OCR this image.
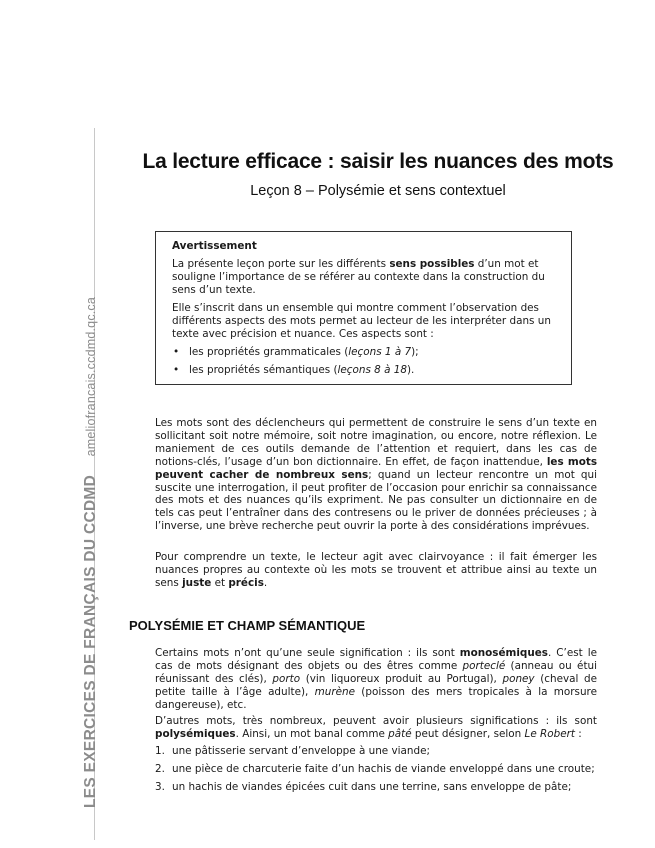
LES EXERCICES DE FRANÇAIS DU CCDMD ameliofrancais.ccdmd.qc.ca
La lecture efficace : saisir les nuances des mots
Leçon 8 – Polysémie et sens contextuel
Avertissement

La présente leçon porte sur les différents sens possibles d’un mot et souligne l’importance de se référer au contexte dans la construction du sens d’un texte.

Elle s’inscrit dans un ensemble qui montre comment l’observation des différents aspects des mots permet au lecteur de les interpréter dans un texte avec précision et nuance. Ces aspects sont :

• les propriétés grammaticales (leçons 1 à 7);
• les propriétés sémantiques (leçons 8 à 18).

Les mots sont des déclencheurs qui permettent de construire le sens d’un texte en sollicitant soit notre mémoire, soit notre imagination, ou encore, notre réflexion. Le maniement de ces outils demande de l’attention et requiert, dans les cas de notions-clés, l’usage d’un bon dictionnaire. En effet, de façon inattendue, les mots peuvent cacher de nombreux sens; quand un lecteur rencontre un mot qui suscite une interrogation, il peut profiter de l’occasion pour enrichir sa connaissance des mots et des nuances qu’ils expriment. Ne pas consulter un dictionnaire en de tels cas peut l’entraîner dans des contresens ou le priver de données précieuses ; à l’inverse, une brève recherche peut ouvrir la porte à des considérations imprévues.

Pour comprendre un texte, le lecteur agit avec clairvoyance : il fait émerger les nuances propres au contexte où les mots se trouvent et attribue ainsi au texte un sens juste et précis.

POLYSÉMIE ET CHAMP SÉMANTIQUE

Certains mots n’ont qu’une seule signification : ils sont monosémiques. C’est le cas de mots désignant des objets ou des êtres comme porteclé (anneau ou étui réunissant des clés), porto (vin liquoreux produit au Portugal), poney (cheval de petite taille à l’âge adulte), murène (poisson des mers tropicales à la morsure dangereuse), etc.

D’autres mots, très nombreux, peuvent avoir plusieurs significations : ils sont polysémiques. Ainsi, un mot banal comme pâté peut désigner, selon Le Robert :

1. une pâtisserie servant d’enveloppe à une viande;
2. une pièce de charcuterie faite d’un hachis de viande enveloppé dans une croute;
3. un hachis de viandes épicées cuit dans une terrine, sans enveloppe de pâte;
